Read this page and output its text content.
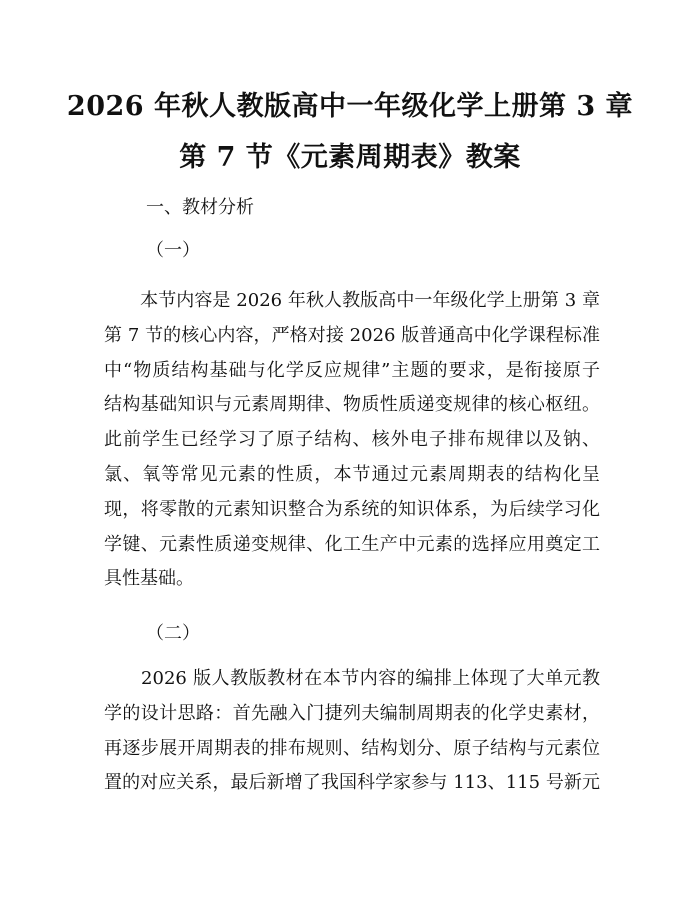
2026 年秋人教版高中一年级化学上册第 3 章
第 7 节《元素周期表》教案
一、教材分析
（一）
　　本节内容是 2026 年秋人教版高中一年级化学上册第 3 章
第 7 节的核心内容，严格对接 2026 版普通高中化学课程标准
中“物质结构基础与化学反应规律”主题的要求，是衔接原子
结构基础知识与元素周期律、物质性质递变规律的核心枢纽。
此前学生已经学习了原子结构、核外电子排布规律以及钠、
氯、氧等常见元素的性质，本节通过元素周期表的结构化呈
现，将零散的元素知识整合为系统的知识体系，为后续学习化
学键、元素性质递变规律、化工生产中元素的选择应用奠定工
具性基础。
（二）
　　2026 版人教版教材在本节内容的编排上体现了大单元教
学的设计思路：首先融入门捷列夫编制周期表的化学史素材，
再逐步展开周期表的排布规则、结构划分、原子结构与元素位
置的对应关系，最后新增了我国科学家参与 113、115 号新元
